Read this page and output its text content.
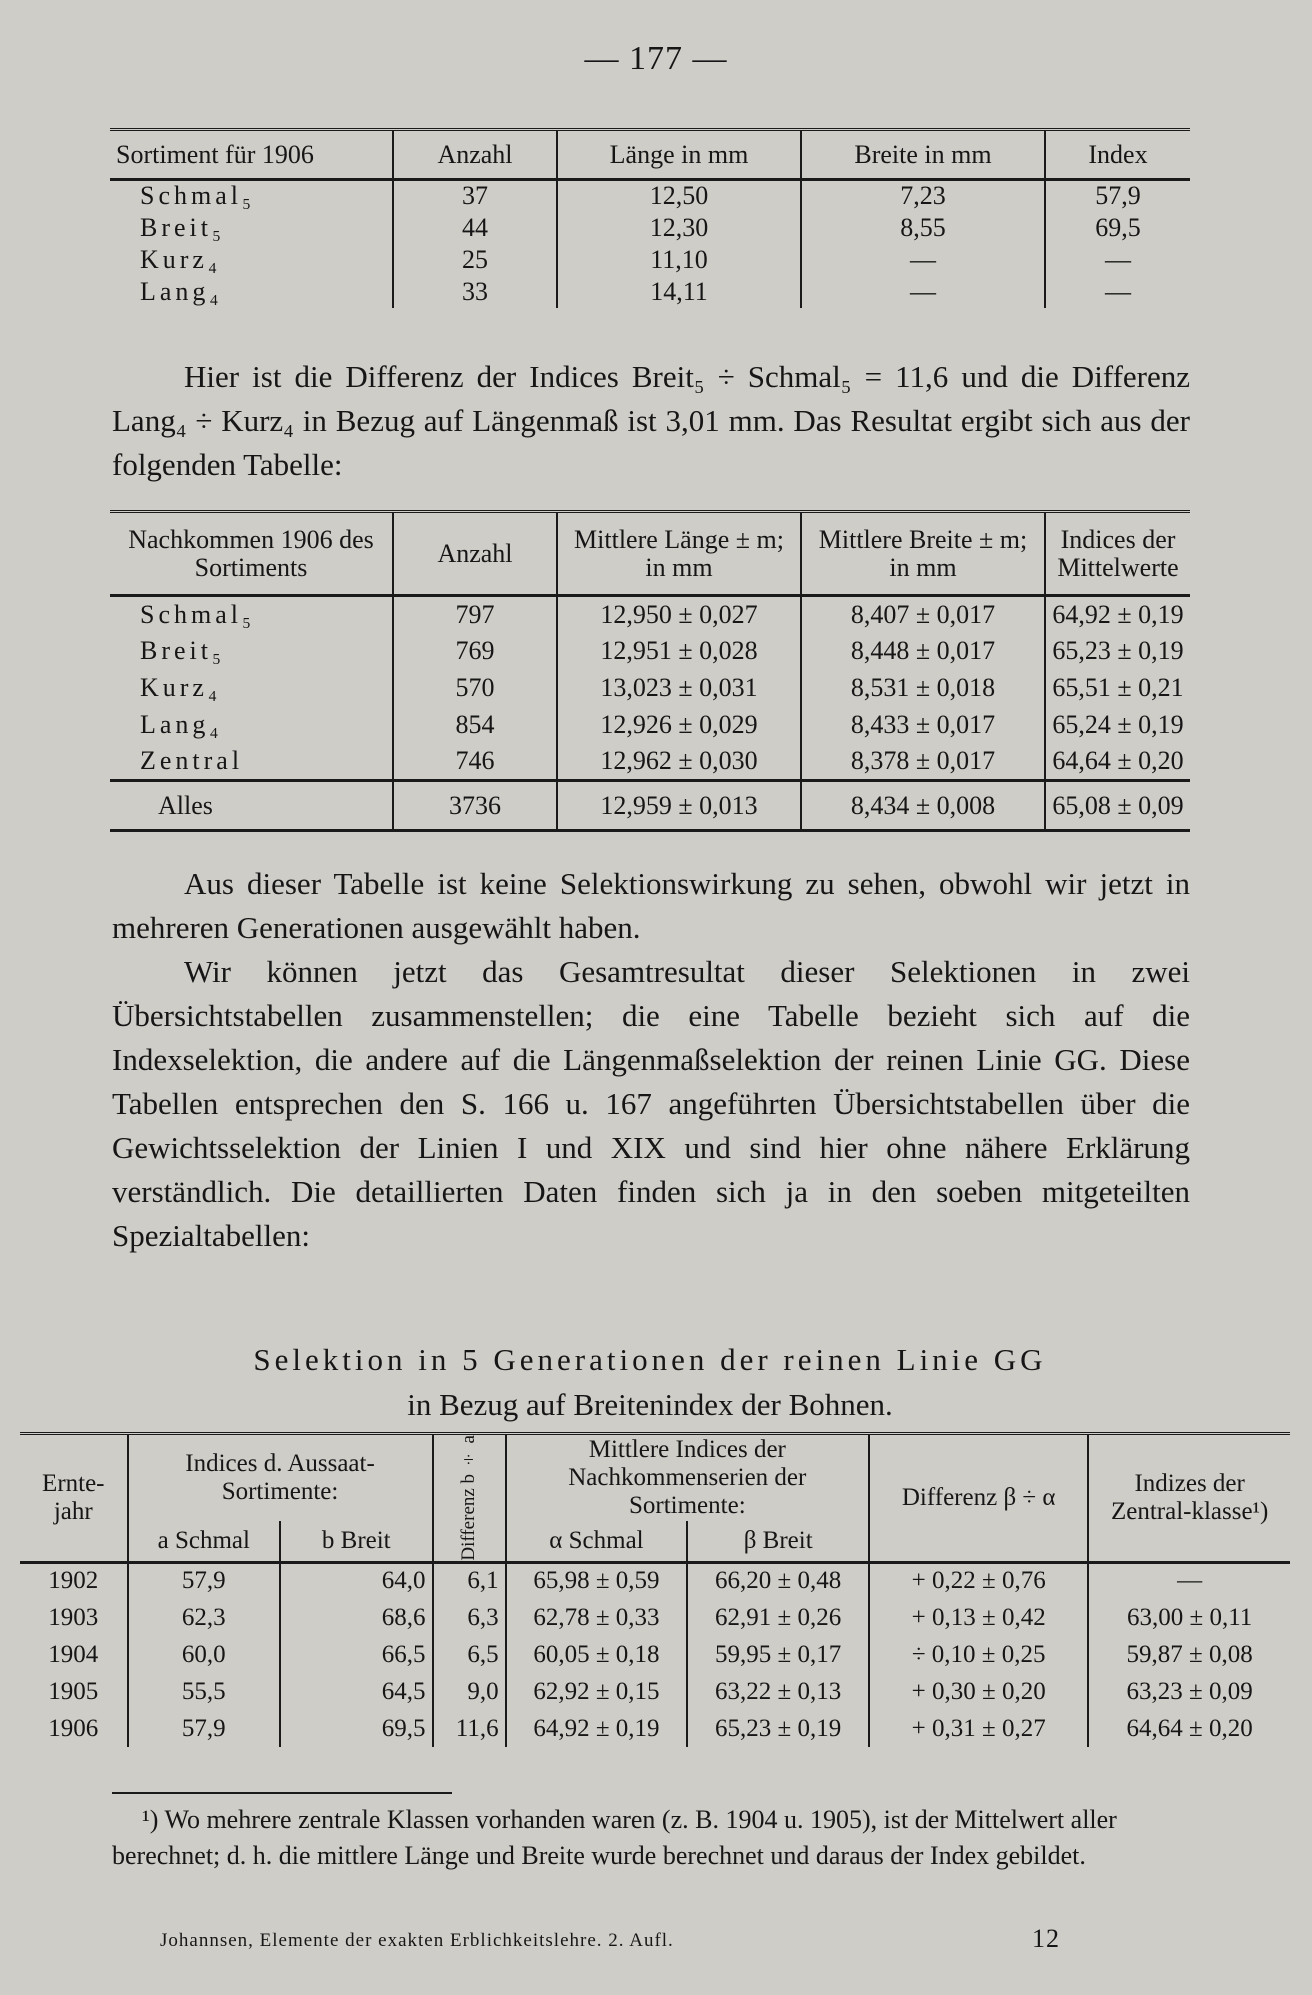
— 177 —
Sortiment für 1906	Anzahl	Länge in mm	Breite in mm	Index
Schmal₅	37	12,50	7,23	57,9
Breit₅	44	12,30	8,55	69,5
Kurz₄	25	11,10	—	—
Lang₄	33	14,11	—	—

Hier ist die Differenz der Indices Breit₅ ÷ Schmal₅ = 11,6 und die Differenz Lang₄ ÷ Kurz₄ in Bezug auf Längenmaß ist 3,01 mm. Das Resultat ergibt sich aus der folgenden Tabelle:

Nachkommen 1906 des Sortiments	Anzahl	Mittlere Länge ± m; in mm	Mittlere Breite ± m; in mm	Indices der Mittelwerte
Schmal₅	797	12,950 ± 0,027	8,407 ± 0,017	64,92 ± 0,19
Breit₅	769	12,951 ± 0,028	8,448 ± 0,017	65,23 ± 0,19
Kurz₄	570	13,023 ± 0,031	8,531 ± 0,018	65,51 ± 0,21
Lang₄	854	12,926 ± 0,029	8,433 ± 0,017	65,24 ± 0,19
Zentral	746	12,962 ± 0,030	8,378 ± 0,017	64,64 ± 0,20
Alles	3736	12,959 ± 0,013	8,434 ± 0,008	65,08 ± 0,09

Aus dieser Tabelle ist keine Selektionswirkung zu sehen, obwohl wir jetzt in mehreren Generationen ausgewählt haben.

Wir können jetzt das Gesamtresultat dieser Selektionen in zwei Übersichtstabellen zusammenstellen; die eine Tabelle bezieht sich auf die Indexselektion, die andere auf die Längenmaßselektion der reinen Linie GG. Diese Tabellen entsprechen den S. 166 u. 167 angeführten Übersichtstabellen über die Gewichtsselektion der Linien I und XIX und sind hier ohne nähere Erklärung verständlich. Die detaillierten Daten finden sich ja in den soeben mitgeteilten Spezialtabellen:

Selektion in 5 Generationen der reinen Linie GG
in Bezug auf Breitenindex der Bohnen.
Ernte-jahr	Indices d. Aussaat-Sortimente:		Differenz b ÷ a	Mittlere Indices der Nachkommenserien der Sortimente:		Differenz β ÷ α	Indizes der Zentral-klasse¹)
	a Schmal	b Breit		α Schmal	β Breit		
1902	57,9	64,0	6,1	65,98 ± 0,59	66,20 ± 0,48	+ 0,22 ± 0,76	—
1903	62,3	68,6	6,3	62,78 ± 0,33	62,91 ± 0,26	+ 0,13 ± 0,42	63,00 ± 0,11
1904	60,0	66,5	6,5	60,05 ± 0,18	59,95 ± 0,17	÷ 0,10 ± 0,25	59,87 ± 0,08
1905	55,5	64,5	9,0	62,92 ± 0,15	63,22 ± 0,13	+ 0,30 ± 0,20	63,23 ± 0,09
1906	57,9	69,5	11,6	64,92 ± 0,19	65,23 ± 0,19	+ 0,31 ± 0,27	64,64 ± 0,20
¹) Wo mehrere zentrale Klassen vorhanden waren (z. B. 1904 u. 1905), ist der Mittelwert aller berechnet; d. h. die mittlere Länge und Breite wurde berechnet und daraus der Index gebildet.
Johannsen, Elemente der exakten Erblichkeitslehre. 2. Aufl.	12
